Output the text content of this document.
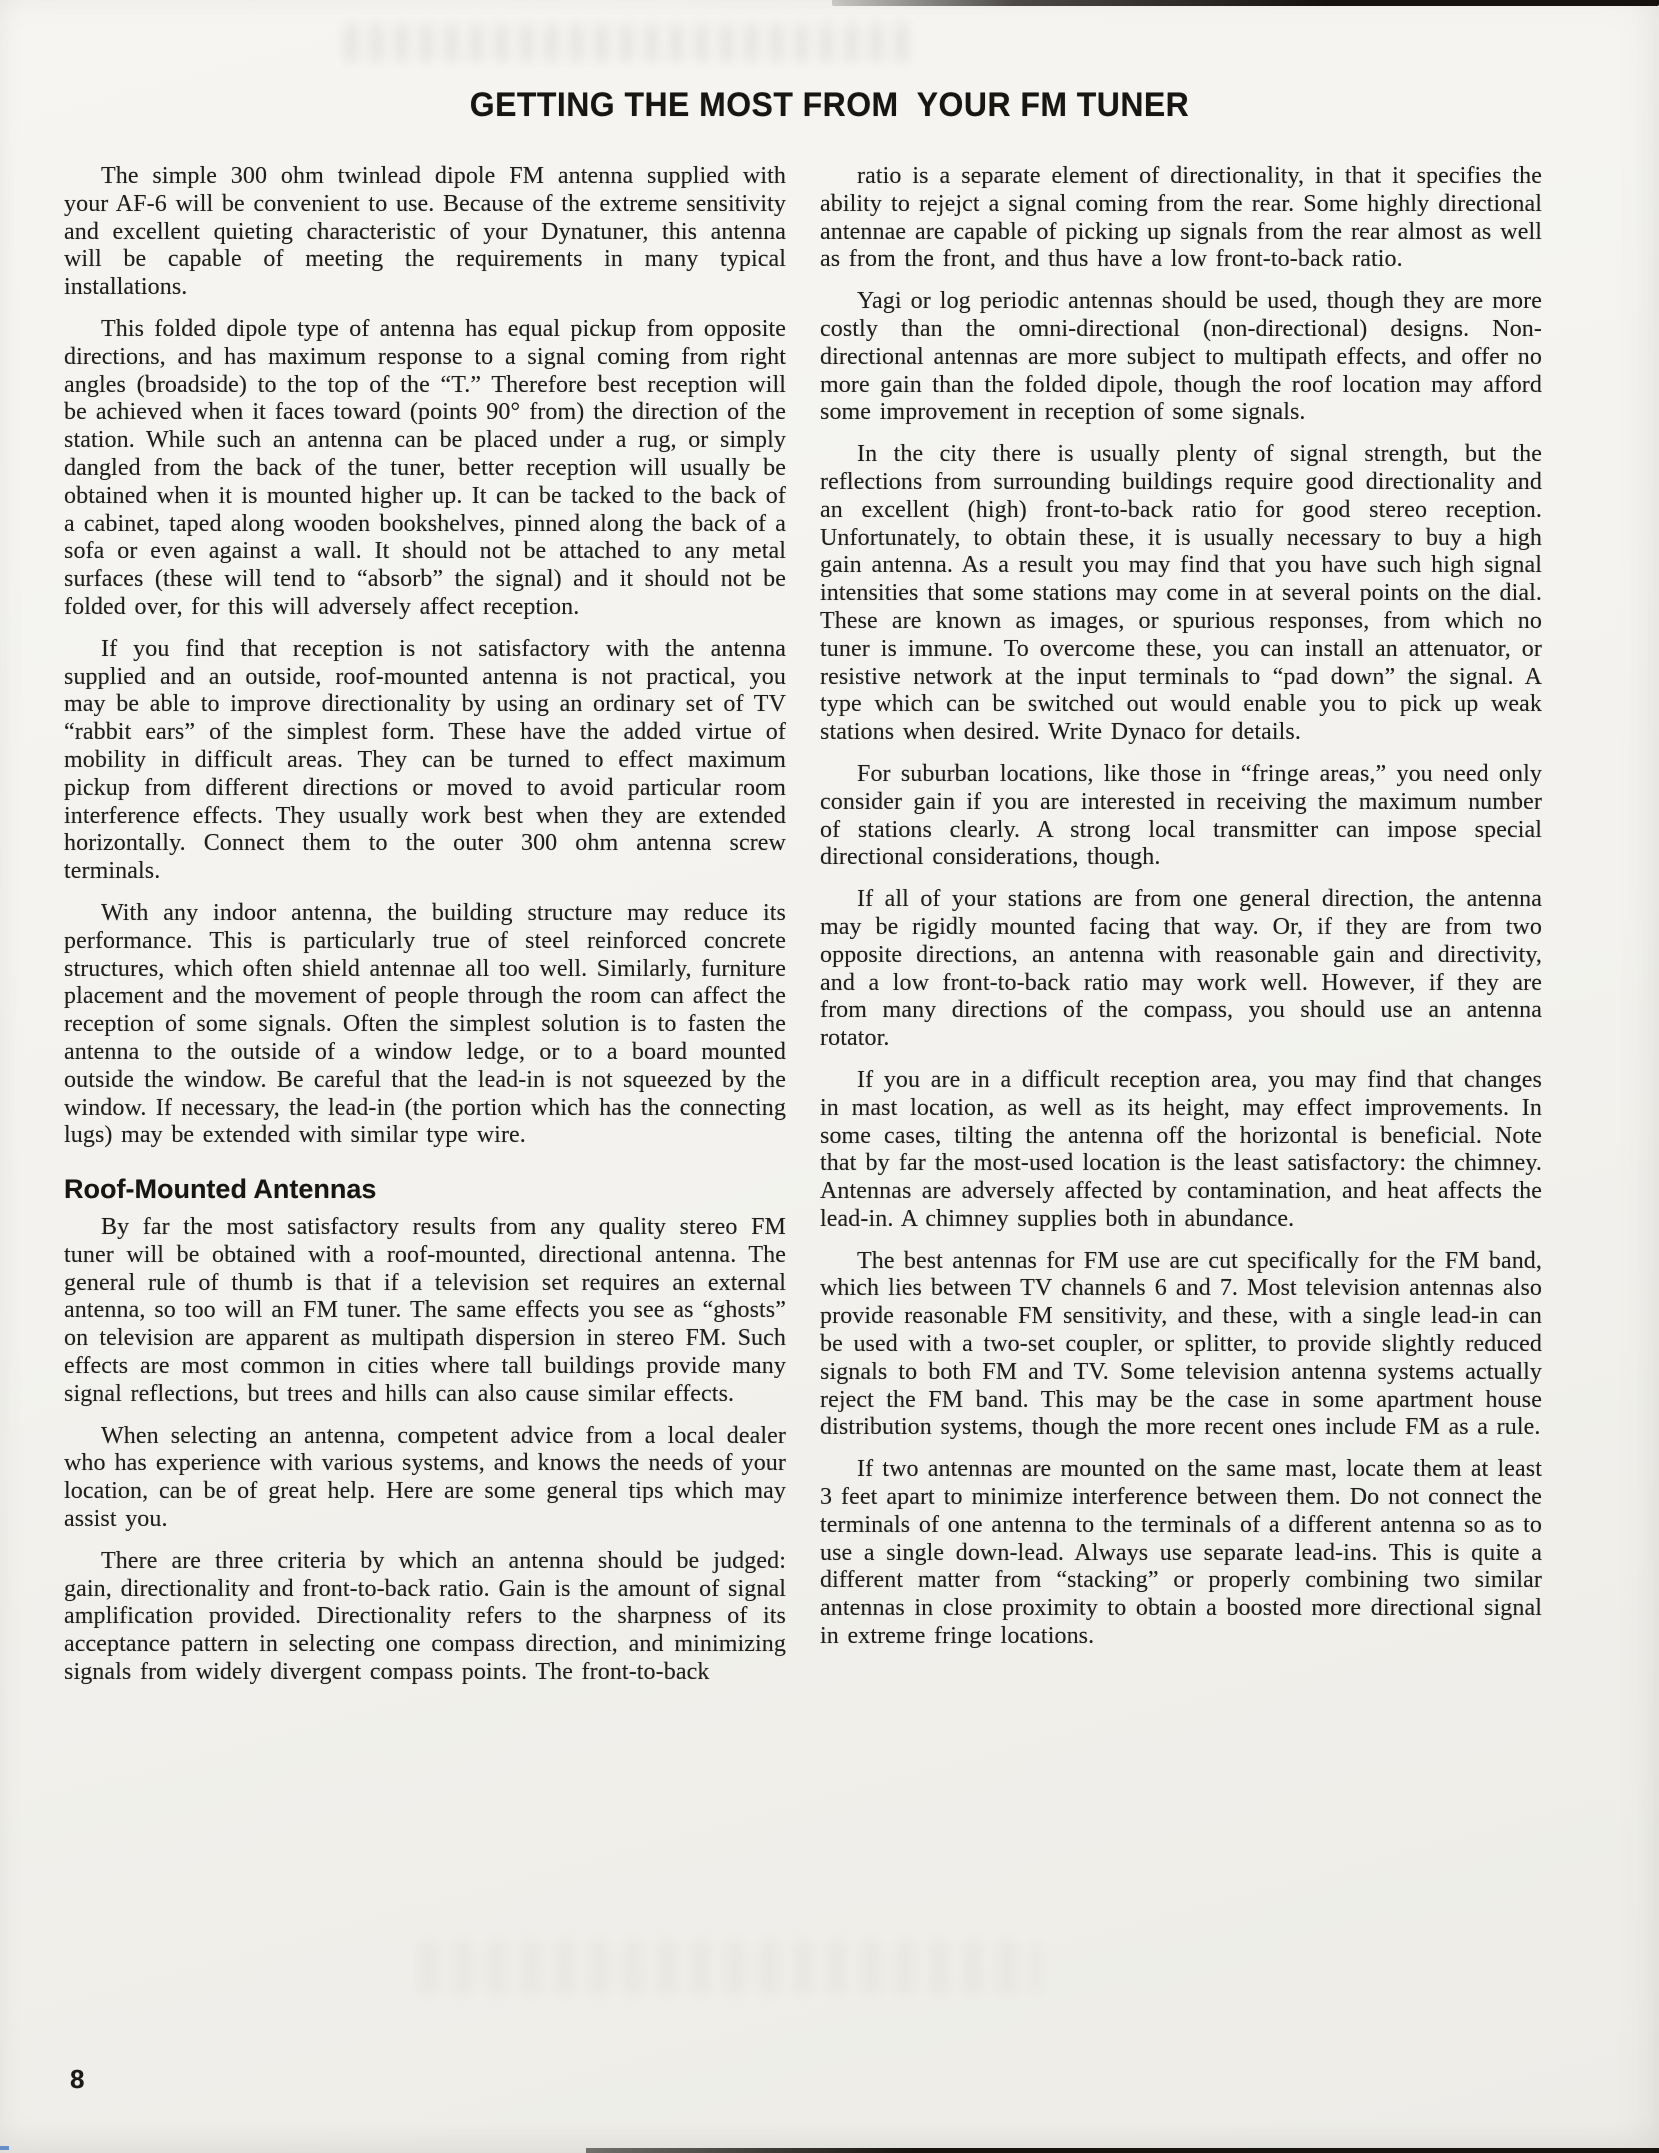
GETTING THE MOST FROM  YOUR FM TUNER

The simple 300 ohm twinlead dipole FM antenna supplied with your AF-6 will be convenient to use. Because of the extreme sensitivity and excellent quieting characteristic of your Dynatuner, this antenna will be capable of meeting the requirements in many typical installations.

This folded dipole type of antenna has equal pickup from opposite directions, and has maximum response to a signal coming from right angles (broadside) to the top of the “T.” Therefore best reception will be achieved when it faces toward (points 90° from) the direction of the station. While such an antenna can be placed under a rug, or simply dangled from the back of the tuner, better reception will usually be obtained when it is mounted higher up. It can be tacked to the back of a cabinet, taped along wooden bookshelves, pinned along the back of a sofa or even against a wall. It should not be attached to any metal surfaces (these will tend to “absorb” the signal) and it should not be folded over, for this will adversely affect reception.

If you find that reception is not satisfactory with the antenna supplied and an outside, roof-mounted antenna is not practical, you may be able to improve directionality by using an ordinary set of TV “rabbit ears” of the simplest form. These have the added virtue of mobility in difficult areas. They can be turned to effect maximum pickup from different directions or moved to avoid particular room interference effects. They usually work best when they are extended horizontally. Connect them to the outer 300 ohm antenna screw terminals.

With any indoor antenna, the building structure may reduce its performance. This is particularly true of steel reinforced concrete structures, which often shield antennae all too well. Similarly, furniture placement and the movement of people through the room can affect the reception of some signals. Often the simplest solution is to fasten the antenna to the outside of a window ledge, or to a board mounted outside the window. Be careful that the lead-in is not squeezed by the window. If necessary, the lead-in (the portion which has the connecting lugs) may be extended with similar type wire.

Roof-Mounted Antennas

By far the most satisfactory results from any quality stereo FM tuner will be obtained with a roof-mounted, directional antenna. The general rule of thumb is that if a television set requires an external antenna, so too will an FM tuner. The same effects you see as “ghosts” on television are apparent as multipath dispersion in stereo FM. Such effects are most common in cities where tall buildings provide many signal reflections, but trees and hills can also cause similar effects.

When selecting an antenna, competent advice from a local dealer who has experience with various systems, and knows the needs of your location, can be of great help. Here are some general tips which may assist you.

There are three criteria by which an antenna should be judged: gain, directionality and front-to-back ratio. Gain is the amount of signal amplification provided. Directionality refers to the sharpness of its acceptance pattern in selecting one compass direction, and minimizing signals from widely divergent compass points. The front-to-back

ratio is a separate element of directionality, in that it specifies the ability to rejejct a signal coming from the rear. Some highly directional antennae are capable of picking up signals from the rear almost as well as from the front, and thus have a low front-to-back ratio.

Yagi or log periodic antennas should be used, though they are more costly than the omni-directional (non-directional) designs. Non-directional antennas are more subject to multipath effects, and offer no more gain than the folded dipole, though the roof location may afford some improvement in reception of some signals.

In the city there is usually plenty of signal strength, but the reflections from surrounding buildings require good directionality and an excellent (high) front-to-back ratio for good stereo reception. Unfortunately, to obtain these, it is usually necessary to buy a high gain antenna. As a result you may find that you have such high signal intensities that some stations may come in at several points on the dial. These are known as images, or spurious responses, from which no tuner is immune. To overcome these, you can install an attenuator, or resistive network at the input terminals to “pad down” the signal. A type which can be switched out would enable you to pick up weak stations when desired. Write Dynaco for details.

For suburban locations, like those in “fringe areas,” you need only consider gain if you are interested in receiving the maximum number of stations clearly. A strong local transmitter can impose special directional considerations, though.

If all of your stations are from one general direction, the antenna may be rigidly mounted facing that way. Or, if they are from two opposite directions, an antenna with reasonable gain and directivity, and a low front-to-back ratio may work well. However, if they are from many directions of the compass, you should use an antenna rotator.

If you are in a difficult reception area, you may find that changes in mast location, as well as its height, may effect improvements. In some cases, tilting the antenna off the horizontal is beneficial. Note that by far the most-used location is the least satisfactory: the chimney. Antennas are adversely affected by contamination, and heat affects the lead-in. A chimney supplies both in abundance.

The best antennas for FM use are cut specifically for the FM band, which lies between TV channels 6 and 7. Most television antennas also provide reasonable FM sensitivity, and these, with a single lead-in can be used with a two-set coupler, or splitter, to provide slightly reduced signals to both FM and TV. Some television antenna systems actually reject the FM band. This may be the case in some apartment house distribution systems, though the more recent ones include FM as a rule.

If two antennas are mounted on the same mast, locate them at least 3 feet apart to minimize interference between them. Do not connect the terminals of one antenna to the terminals of a different antenna so as to use a single down-lead. Always use separate lead-ins. This is quite a different matter from “stacking” or properly combining two similar antennas in close proximity to obtain a boosted more directional signal in extreme fringe locations.

8
